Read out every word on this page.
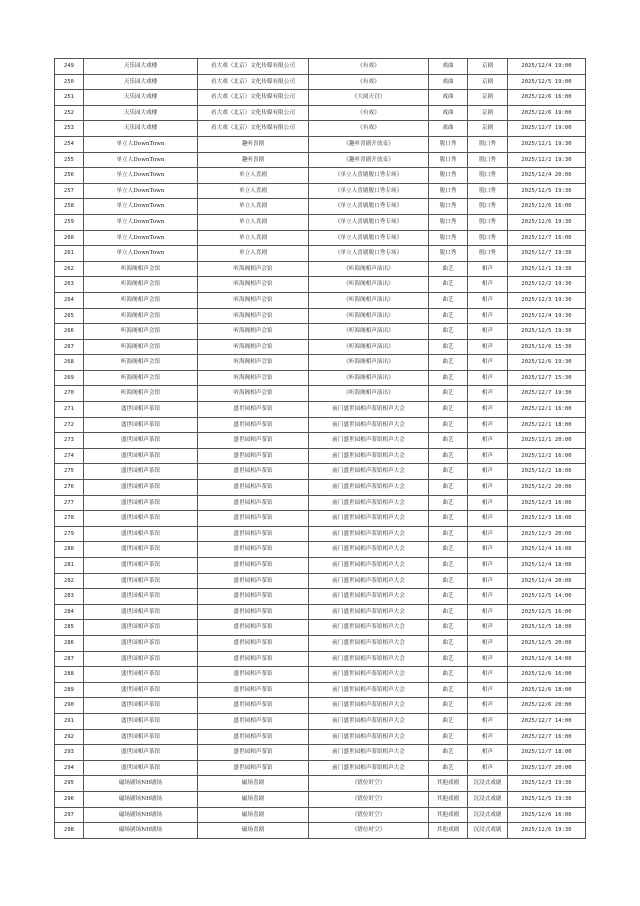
249	天乐园大戏楼	看大戏（北京）文化传媒有限公司	《有戏》	戏曲	京剧	2025/12/4 19:00
250	天乐园大戏楼	看大戏（北京）文化传媒有限公司	《有戏》	戏曲	京剧	2025/12/5 19:00
251	天乐园大戏楼	看大戏（北京）文化传媒有限公司	《大闹天宫》	戏曲	京剧	2025/12/6 16:00
252	天乐园大戏楼	看大戏（北京）文化传媒有限公司	《有戏》	戏曲	京剧	2025/12/6 19:00
253	天乐园大戏楼	看大戏（北京）文化传媒有限公司	《有戏》	戏曲	京剧	2025/12/7 19:00
254	单立人DownTown	趣听喜剧	《趣听喜剧开放麦》	脱口秀	脱口秀	2025/12/1 19:30
255	单立人DownTown	趣听喜剧	《趣听喜剧开放麦》	脱口秀	脱口秀	2025/12/2 19:30
256	单立人DownTown	单立人喜剧	《单立人喜剧脱口秀专场》	脱口秀	脱口秀	2025/12/4 20:00
257	单立人DownTown	单立人喜剧	《单立人喜剧脱口秀专场》	脱口秀	脱口秀	2025/12/5 19:30
258	单立人DownTown	单立人喜剧	《单立人喜剧脱口秀专场》	脱口秀	脱口秀	2025/12/6 16:00
259	单立人DownTown	单立人喜剧	《单立人喜剧脱口秀专场》	脱口秀	脱口秀	2025/12/6 19:30
260	单立人DownTown	单立人喜剧	《单立人喜剧脱口秀专场》	脱口秀	脱口秀	2025/12/7 16:00
261	单立人DownTown	单立人喜剧	《单立人喜剧脱口秀专场》	脱口秀	脱口秀	2025/12/7 19:30
262	听海阁相声会馆	听海阁相声会馆	《听海阁相声演出》	曲艺	相声	2025/12/1 19:30
263	听海阁相声会馆	听海阁相声会馆	《听海阁相声演出》	曲艺	相声	2025/12/2 19:30
264	听海阁相声会馆	听海阁相声会馆	《听海阁相声演出》	曲艺	相声	2025/12/3 19:30
265	听海阁相声会馆	听海阁相声会馆	《听海阁相声演出》	曲艺	相声	2025/12/4 19:30
266	听海阁相声会馆	听海阁相声会馆	《听海阁相声演出》	曲艺	相声	2025/12/5 19:30
267	听海阁相声会馆	听海阁相声会馆	《听海阁相声演出》	曲艺	相声	2025/12/6 15:30
268	听海阁相声会馆	听海阁相声会馆	《听海阁相声演出》	曲艺	相声	2025/12/6 19:30
269	听海阁相声会馆	听海阁相声会馆	《听海阁相声演出》	曲艺	相声	2025/12/7 15:30
270	听海阁相声会馆	听海阁相声会馆	《听海阁相声演出》	曲艺	相声	2025/12/7 19:30
271	盛世园相声茶馆	盛世园相声茶馆	前门盛世园相声茶馆相声大会	曲艺	相声	2025/12/1 16:00
272	盛世园相声茶馆	盛世园相声茶馆	前门盛世园相声茶馆相声大会	曲艺	相声	2025/12/1 18:00
273	盛世园相声茶馆	盛世园相声茶馆	前门盛世园相声茶馆相声大会	曲艺	相声	2025/12/1 20:00
274	盛世园相声茶馆	盛世园相声茶馆	前门盛世园相声茶馆相声大会	曲艺	相声	2025/12/2 16:00
275	盛世园相声茶馆	盛世园相声茶馆	前门盛世园相声茶馆相声大会	曲艺	相声	2025/12/2 18:00
276	盛世园相声茶馆	盛世园相声茶馆	前门盛世园相声茶馆相声大会	曲艺	相声	2025/12/2 20:00
277	盛世园相声茶馆	盛世园相声茶馆	前门盛世园相声茶馆相声大会	曲艺	相声	2025/12/3 16:00
278	盛世园相声茶馆	盛世园相声茶馆	前门盛世园相声茶馆相声大会	曲艺	相声	2025/12/3 18:00
279	盛世园相声茶馆	盛世园相声茶馆	前门盛世园相声茶馆相声大会	曲艺	相声	2025/12/3 20:00
280	盛世园相声茶馆	盛世园相声茶馆	前门盛世园相声茶馆相声大会	曲艺	相声	2025/12/4 16:00
281	盛世园相声茶馆	盛世园相声茶馆	前门盛世园相声茶馆相声大会	曲艺	相声	2025/12/4 18:00
282	盛世园相声茶馆	盛世园相声茶馆	前门盛世园相声茶馆相声大会	曲艺	相声	2025/12/4 20:00
283	盛世园相声茶馆	盛世园相声茶馆	前门盛世园相声茶馆相声大会	曲艺	相声	2025/12/5 14:00
284	盛世园相声茶馆	盛世园相声茶馆	前门盛世园相声茶馆相声大会	曲艺	相声	2025/12/5 16:00
285	盛世园相声茶馆	盛世园相声茶馆	前门盛世园相声茶馆相声大会	曲艺	相声	2025/12/5 18:00
286	盛世园相声茶馆	盛世园相声茶馆	前门盛世园相声茶馆相声大会	曲艺	相声	2025/12/5 20:00
287	盛世园相声茶馆	盛世园相声茶馆	前门盛世园相声茶馆相声大会	曲艺	相声	2025/12/6 14:00
288	盛世园相声茶馆	盛世园相声茶馆	前门盛世园相声茶馆相声大会	曲艺	相声	2025/12/6 16:00
289	盛世园相声茶馆	盛世园相声茶馆	前门盛世园相声茶馆相声大会	曲艺	相声	2025/12/6 18:00
290	盛世园相声茶馆	盛世园相声茶馆	前门盛世园相声茶馆相声大会	曲艺	相声	2025/12/6 20:00
291	盛世园相声茶馆	盛世园相声茶馆	前门盛世园相声茶馆相声大会	曲艺	相声	2025/12/7 14:00
292	盛世园相声茶馆	盛世园相声茶馆	前门盛世园相声茶馆相声大会	曲艺	相声	2025/12/7 16:00
293	盛世园相声茶馆	盛世园相声茶馆	前门盛世园相声茶馆相声大会	曲艺	相声	2025/12/7 18:00
294	盛世园相声茶馆	盛世园相声茶馆	前门盛世园相声茶馆相声大会	曲艺	相声	2025/12/7 20:00
295	磁场剧场NH剧场	磁场喜剧	《错位时空》	其他戏剧	沉浸式戏剧	2025/12/3 19:30
296	磁场剧场NH剧场	磁场喜剧	《错位时空》	其他戏剧	沉浸式戏剧	2025/12/5 19:30
297	磁场剧场NH剧场	磁场喜剧	《错位时空》	其他戏剧	沉浸式戏剧	2025/12/6 16:00
298	磁场剧场NH剧场	磁场喜剧	《错位时空》	其他戏剧	沉浸式戏剧	2025/12/6 19:30
